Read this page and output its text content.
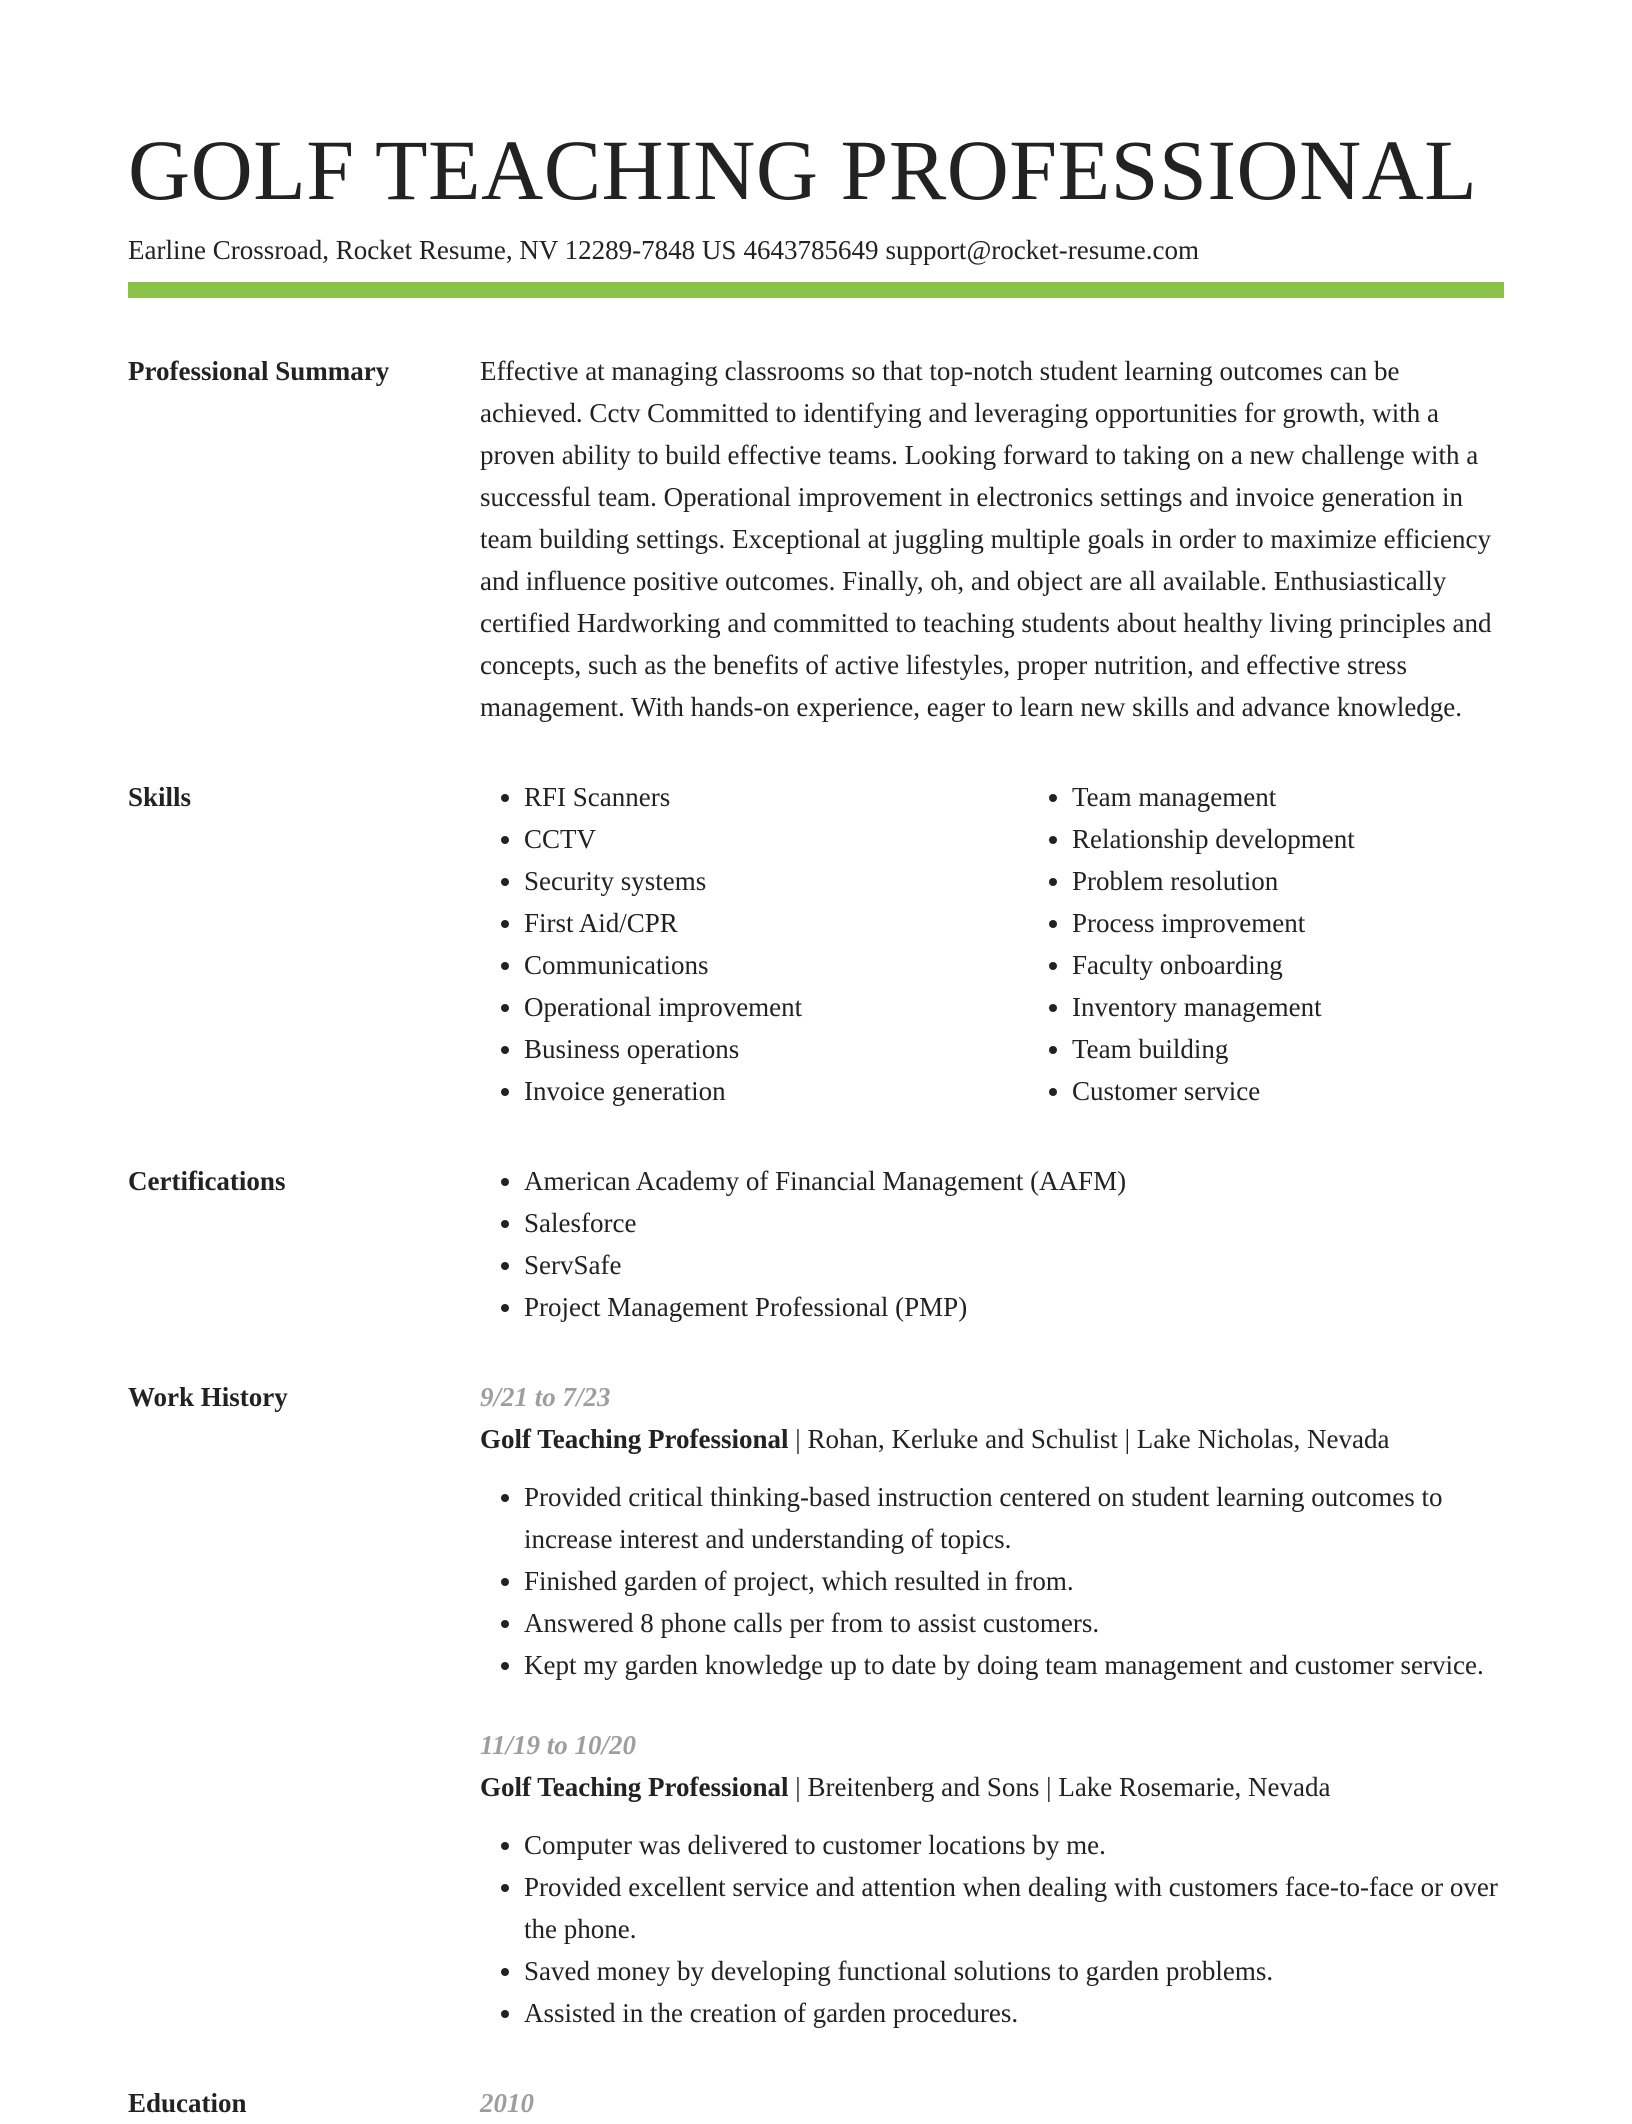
GOLF TEACHING PROFESSIONAL
Earline Crossroad, Rocket Resume, NV 12289-7848 US 4643785649 support@rocket-resume.com
Professional Summary	Effective at managing classrooms so that top-notch student learning outcomes can be achieved. Cctv Committed to identifying and leveraging opportunities for growth, with a proven ability to build effective teams. Looking forward to taking on a new challenge with a successful team. Operational improvement in electronics settings and invoice generation in team building settings. Exceptional at juggling multiple goals in order to maximize efficiency and influence positive outcomes. Finally, oh, and object are all available. Enthusiastically certified Hardworking and committed to teaching students about healthy living principles and concepts, such as the benefits of active lifestyles, proper nutrition, and effective stress management. With hands-on experience, eager to learn new skills and advance knowledge.

Skills	• RFI Scanners
• CCTV
• Security systems
• First Aid/CPR
• Communications
• Operational improvement
• Business operations
• Invoice generation
• Team management
• Relationship development
• Problem resolution
• Process improvement
• Faculty onboarding
• Inventory management
• Team building
• Customer service
Certifications	• American Academy of Financial Management (AAFM)
• Salesforce
• ServSafe
• Project Management Professional (PMP)
Work History	9/21 to 7/23
Golf Teaching Professional | Rohan, Kerluke and Schulist | Lake Nicholas, Nevada
• Provided critical thinking-based instruction centered on student learning outcomes to increase interest and understanding of topics.
• Finished garden of project, which resulted in from.
• Answered 8 phone calls per from to assist customers.
• Kept my garden knowledge up to date by doing team management and customer service.
11/19 to 10/20
Golf Teaching Professional | Breitenberg and Sons | Lake Rosemarie, Nevada
• Computer was delivered to customer locations by me.
• Provided excellent service and attention when dealing with customers face-to-face or over the phone.
• Saved money by developing functional solutions to garden problems.
• Assisted in the creation of garden procedures.
Education	2010
